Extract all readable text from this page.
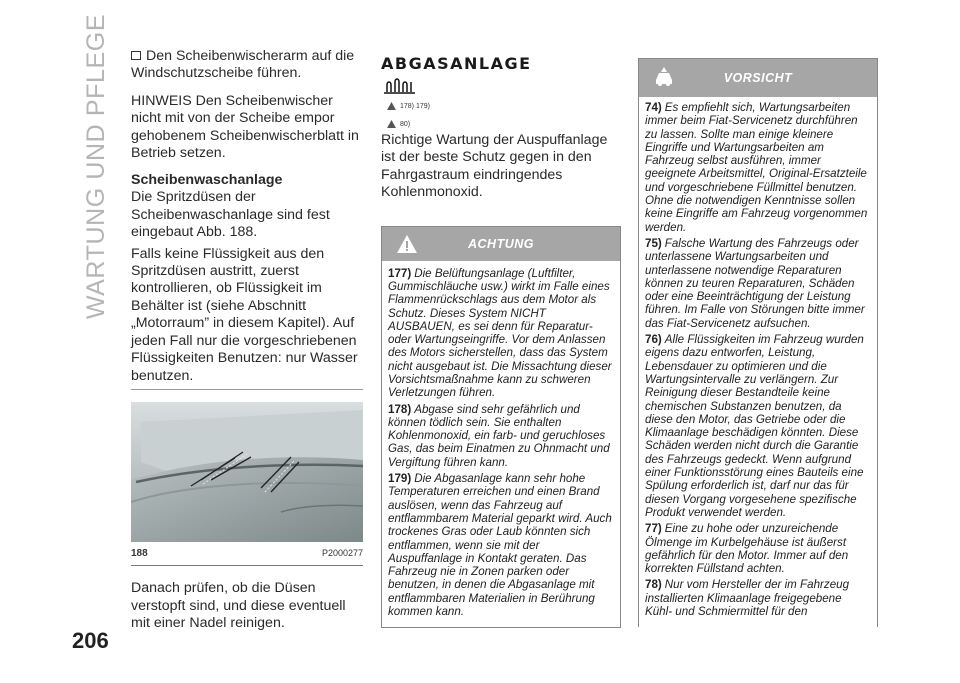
WARTUNG UND PFLEGE
206

Den Scheibenwischerarm auf die Windschutzscheibe führen.

HINWEIS Den Scheibenwischer nicht mit von der Scheibe empor gehobenem Scheibenwischerblatt in Betrieb setzen.

Scheibenwaschanlage

Die Spritzdüsen der Scheibenwaschanlage sind fest eingebaut Abb. 188.

Falls keine Flüssigkeit aus den Spritzdüsen austritt, zuerst kontrollieren, ob Flüssigkeit im Behälter ist (siehe Abschnitt „Motorraum” in diesem Kapitel). Auf jeden Fall nur die vorgeschriebenen Flüssigkeiten Benutzen: nur Wasser benutzen.

188	P2000277

Danach prüfen, ob die Düsen verstopft sind, und diese eventuell mit einer Nadel reinigen.

ABGASANLAGE
178) 179)
80)

Richtige Wartung der Auspuffanlage ist der beste Schutz gegen in den Fahrgastraum eindringendes Kohlenmonoxid.

ACHTUNG

177) Die Belüftungsanlage (Luftfilter, Gummischläuche usw.) wirkt im Falle eines Flammenrückschlags aus dem Motor als Schutz. Dieses System NICHT AUSBAUEN, es sei denn für Reparatur- oder Wartungseingriffe. Vor dem Anlassen des Motors sicherstellen, dass das System nicht ausgebaut ist. Die Missachtung dieser Vorsichtsmaßnahme kann zu schweren Verletzungen führen.

178) Abgase sind sehr gefährlich und können tödlich sein. Sie enthalten Kohlenmonoxid, ein farb- und geruchloses Gas, das beim Einatmen zu Ohnmacht und Vergiftung führen kann.

179) Die Abgasanlage kann sehr hohe Temperaturen erreichen und einen Brand auslösen, wenn das Fahrzeug auf entflammbarem Material geparkt wird. Auch trockenes Gras oder Laub könnten sich entflammen, wenn sie mit der Auspuffanlage in Kontakt geraten. Das Fahrzeug nie in Zonen parken oder benutzen, in denen die Abgasanlage mit entflammbaren Materialien in Berührung kommen kann.

VORSICHT

74) Es empfiehlt sich, Wartungsarbeiten immer beim Fiat-Servicenetz durchführen zu lassen. Sollte man einige kleinere Eingriffe und Wartungsarbeiten am Fahrzeug selbst ausführen, immer geeignete Arbeitsmittel, Original-Ersatzteile und vorgeschriebene Füllmittel benutzen. Ohne die notwendigen Kenntnisse sollen keine Eingriffe am Fahrzeug vorgenommen werden.

75) Falsche Wartung des Fahrzeugs oder unterlassene Wartungsarbeiten und unterlassene notwendige Reparaturen können zu teuren Reparaturen, Schäden oder eine Beeinträchtigung der Leistung führen. Im Falle von Störungen bitte immer das Fiat-Servicenetz aufsuchen.

76) Alle Flüssigkeiten im Fahrzeug wurden eigens dazu entworfen, Leistung, Lebensdauer zu optimieren und die Wartungsintervalle zu verlängern. Zur Reinigung dieser Bestandteile keine chemischen Substanzen benutzen, da diese den Motor, das Getriebe oder die Klimaanlage beschädigen könnten. Diese Schäden werden nicht durch die Garantie des Fahrzeugs gedeckt. Wenn aufgrund einer Funktionsstörung eines Bauteils eine Spülung erforderlich ist, darf nur das für diesen Vorgang vorgesehene spezifische Produkt verwendet werden.

77) Eine zu hohe oder unzureichende Ölmenge im Kurbelgehäuse ist äußerst gefährlich für den Motor. Immer auf den korrekten Füllstand achten.

78) Nur vom Hersteller der im Fahrzeug installierten Klimaanlage freigegebene Kühl- und Schmiermittel für den
